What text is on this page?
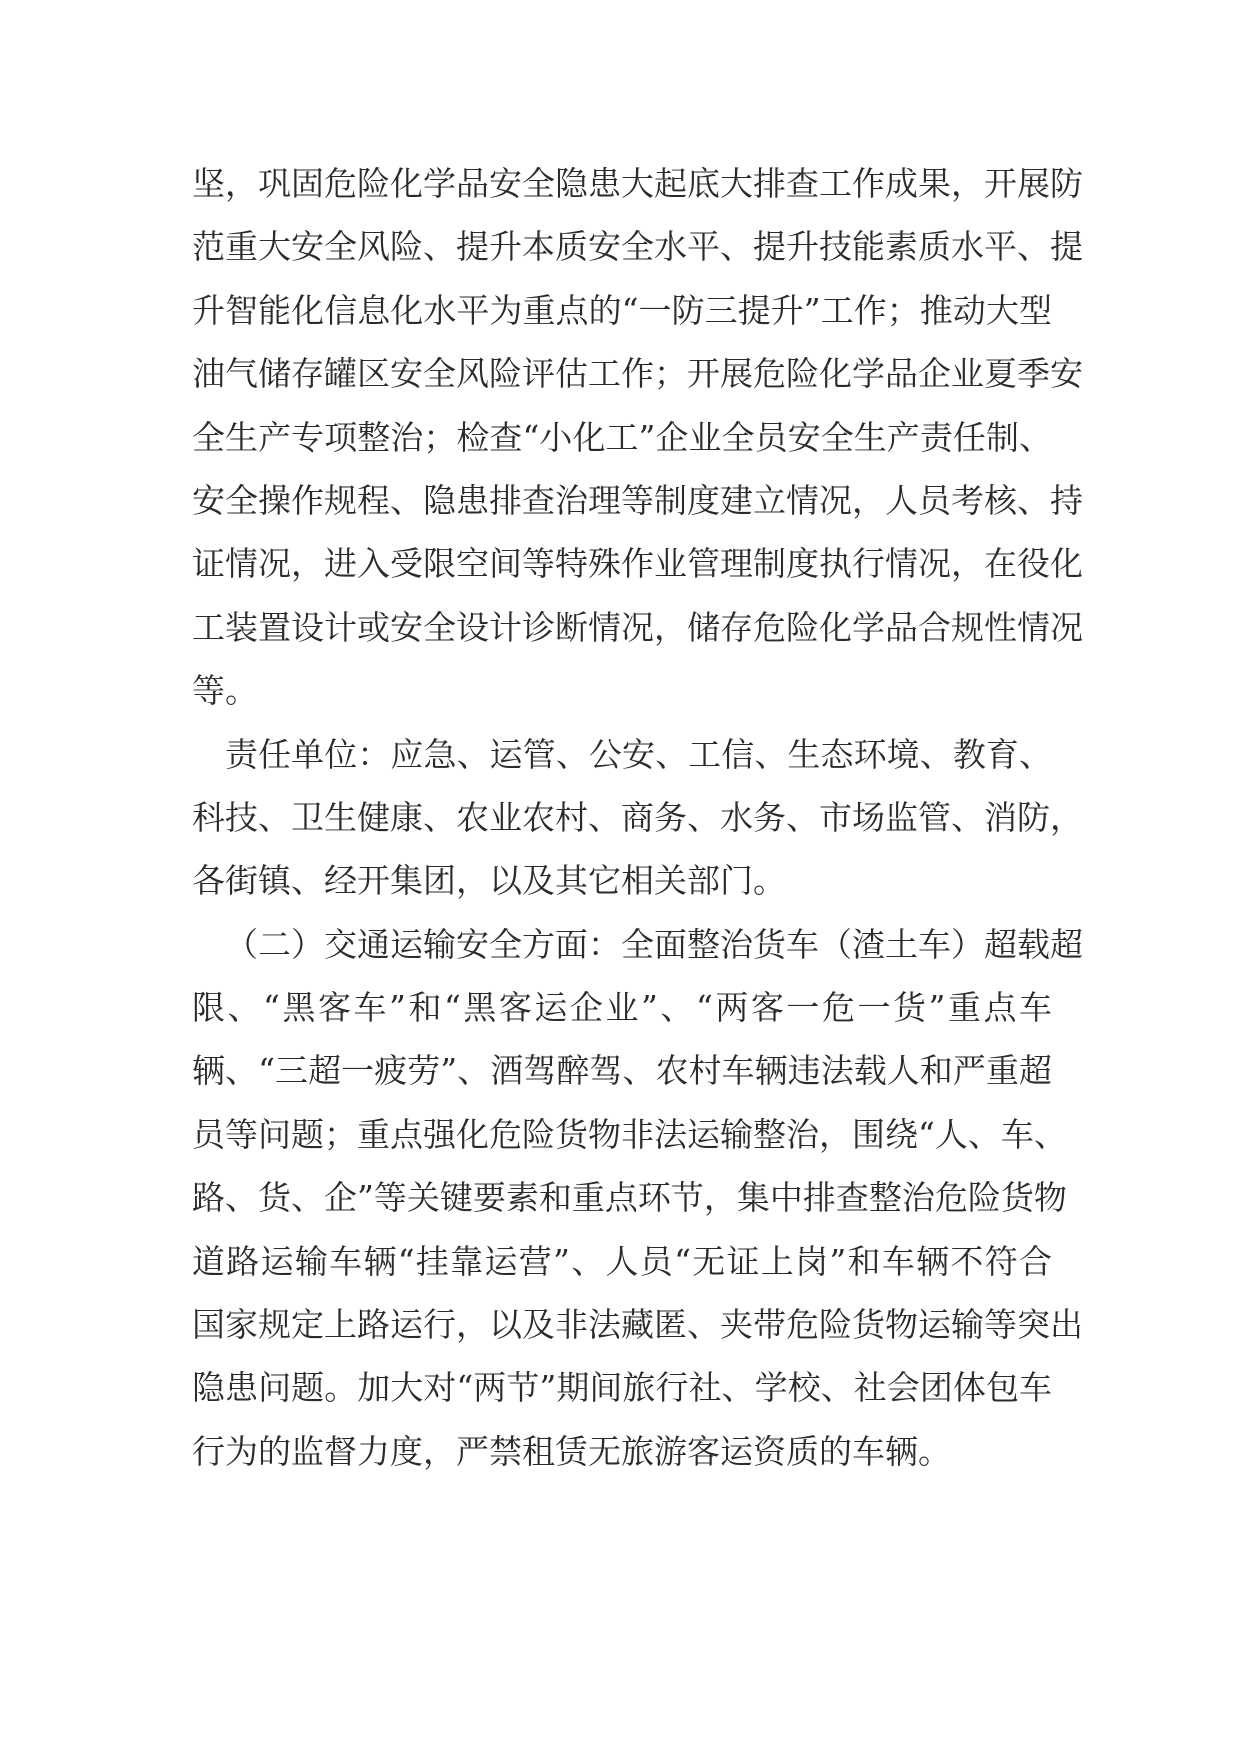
坚，巩固危险化学品安全隐患大起底大排查工作成果，开展防
范重大安全风险、提升本质安全水平、提升技能素质水平、提
升智能化信息化水平为重点的“一防三提升”工作；推动大型
油气储存罐区安全风险评估工作；开展危险化学品企业夏季安
全生产专项整治；检查“小化工”企业全员安全生产责任制、
安全操作规程、隐患排查治理等制度建立情况，人员考核、持
证情况，进入受限空间等特殊作业管理制度执行情况，在役化
工装置设计或安全设计诊断情况，储存危险化学品合规性情况
等。
责任单位：应急、运管、公安、工信、生态环境、教育、
科技、卫生健康、农业农村、商务、水务、市场监管、消防，
各街镇、经开集团，以及其它相关部门。
（二）交通运输安全方面：全面整治货车（渣土车）超载超
限、“黑客车”和“黑客运企业”、“两客一危一货”重点车
辆、“三超一疲劳”、酒驾醉驾、农村车辆违法载人和严重超
员等问题；重点强化危险货物非法运输整治，围绕“人、车、
路、货、企”等关键要素和重点环节，集中排查整治危险货物
道路运输车辆“挂靠运营”、人员“无证上岗”和车辆不符合
国家规定上路运行，以及非法藏匿、夹带危险货物运输等突出
隐患问题。加大对“两节”期间旅行社、学校、社会团体包车
行为的监督力度，严禁租赁无旅游客运资质的车辆。
